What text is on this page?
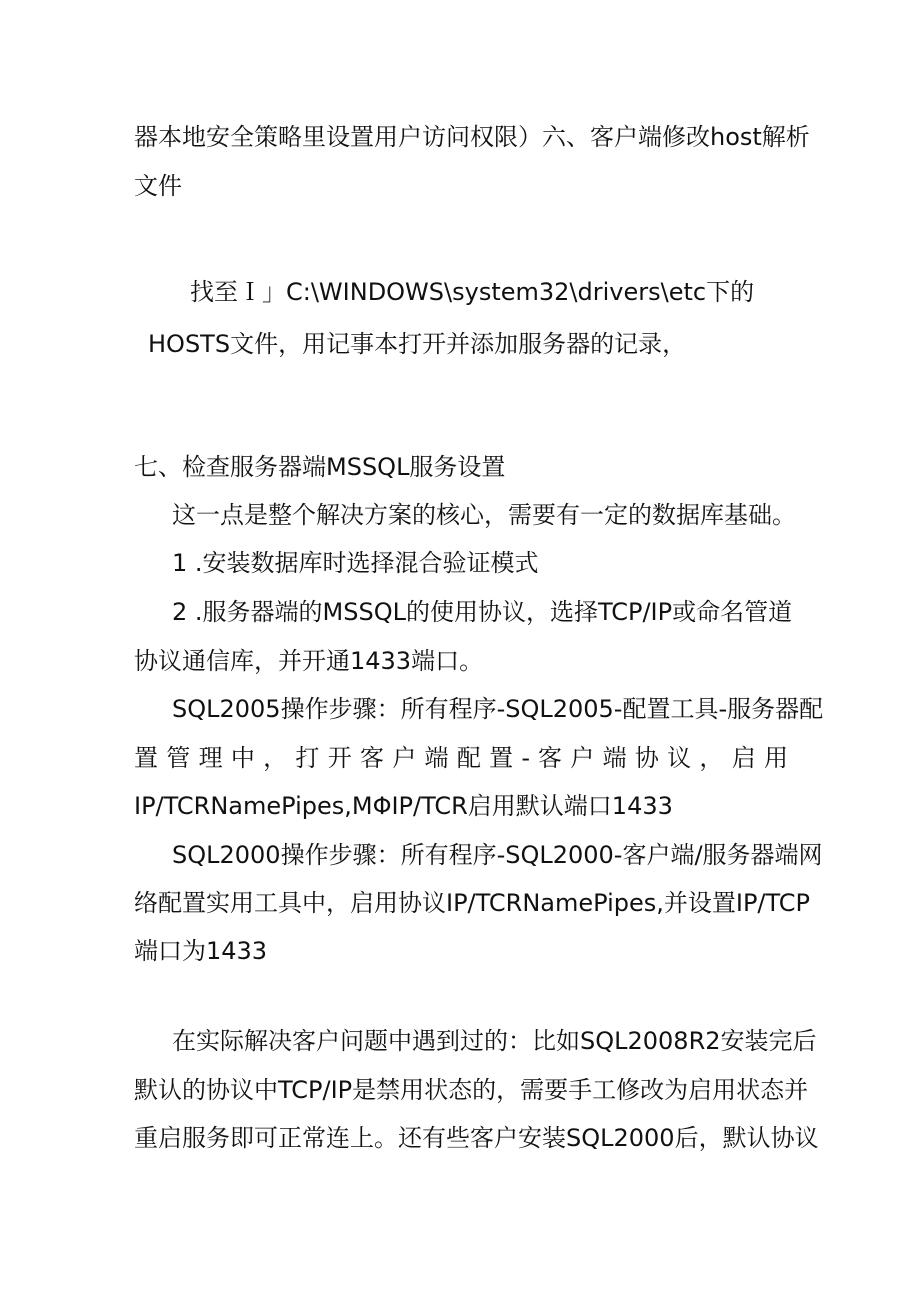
器本地安全策略里设置用户访问权限）六、客户端修改host解析
文件
找至Ｉ」C:\WINDOWS\system32\drivers\etc下的
HOSTS文件，用记事本打开并添加服务器的记录，
七、检查服务器端MSSQL服务设置
这一点是整个解决方案的核心，需要有一定的数据库基础。
1 .安装数据库时选择混合验证模式
2 .服务器端的MSSQL的使用协议，选择TCP/IP或命名管道
协议通信库，并开通1433端口。
SQL2005操作步骤：所有程序-SQL2005-配置工具-服务器配
置 管 理 中 ， 打 开 客 户 端 配 置 - 客 户 端 协 议 ， 启 用
IP/TCRNamePipes,MΦIP/TCR启用默认端口1433
SQL2000操作步骤：所有程序-SQL2000-客户端/服务器端网
络配置实用工具中，启用协议IP/TCRNamePipes,并设置IP/TCP
端口为1433
在实际解决客户问题中遇到过的：比如SQL2008R2安装完后
默认的协议中TCP/IP是禁用状态的，需要手工修改为启用状态并
重启服务即可正常连上。还有些客户安装SQL2000后，默认协议
